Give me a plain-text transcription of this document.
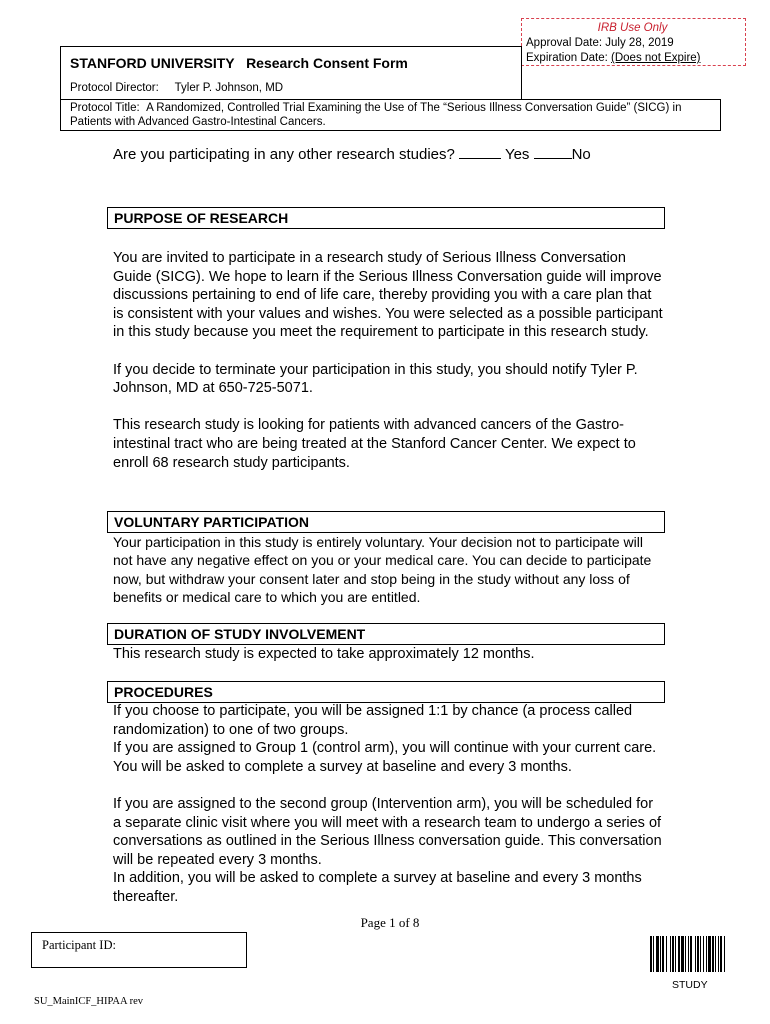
IRB Use Only
Approval Date: July 28, 2019
Expiration Date: (Does not Expire)
STANFORD UNIVERSITY Research Consent Form
Protocol Director: Tyler P. Johnson, MD
Protocol Title: A Randomized, Controlled Trial Examining the Use of The “Serious Illness Conversation Guide” (SICG) in Patients with Advanced Gastro-Intestinal Cancers.
Are you participating in any other research studies?	Yes	No
PURPOSE OF RESEARCH

You are invited to participate in a research study of Serious Illness Conversation Guide (SICG). We hope to learn if the Serious Illness Conversation guide will improve discussions pertaining to end of life care, thereby providing you with a care plan that is consistent with your values and wishes. You were selected as a possible participant in this study because you meet the requirement to participate in this research study.

If you decide to terminate your participation in this study, you should notify Tyler P. Johnson, MD at 650-725-5071.

This research study is looking for patients with advanced cancers of the Gastro-intestinal tract who are being treated at the Stanford Cancer Center. We expect to enroll 68 research study participants.

VOLUNTARY PARTICIPATION

Your participation in this study is entirely voluntary. Your decision not to participate will not have any negative effect on you or your medical care. You can decide to participate now, but withdraw your consent later and stop being in the study without any loss of benefits or medical care to which you are entitled.

DURATION OF STUDY INVOLVEMENT

This research study is expected to take approximately 12 months.

PROCEDURES

If you choose to participate, you will be assigned 1:1 by chance (a process called randomization) to one of two groups.

If you are assigned to Group 1 (control arm), you will continue with your current care. You will be asked to complete a survey at baseline and every 3 months.

If you are assigned to the second group (Intervention arm), you will be scheduled for a separate clinic visit where you will meet with a research team to undergo a series of conversations as outlined in the Serious Illness conversation guide. This conversation will be repeated every 3 months.

In addition, you will be asked to complete a survey at baseline and every 3 months thereafter.

Page 1 of 8
Participant ID:
SU_MainICF_HIPAA rev
STUDY
